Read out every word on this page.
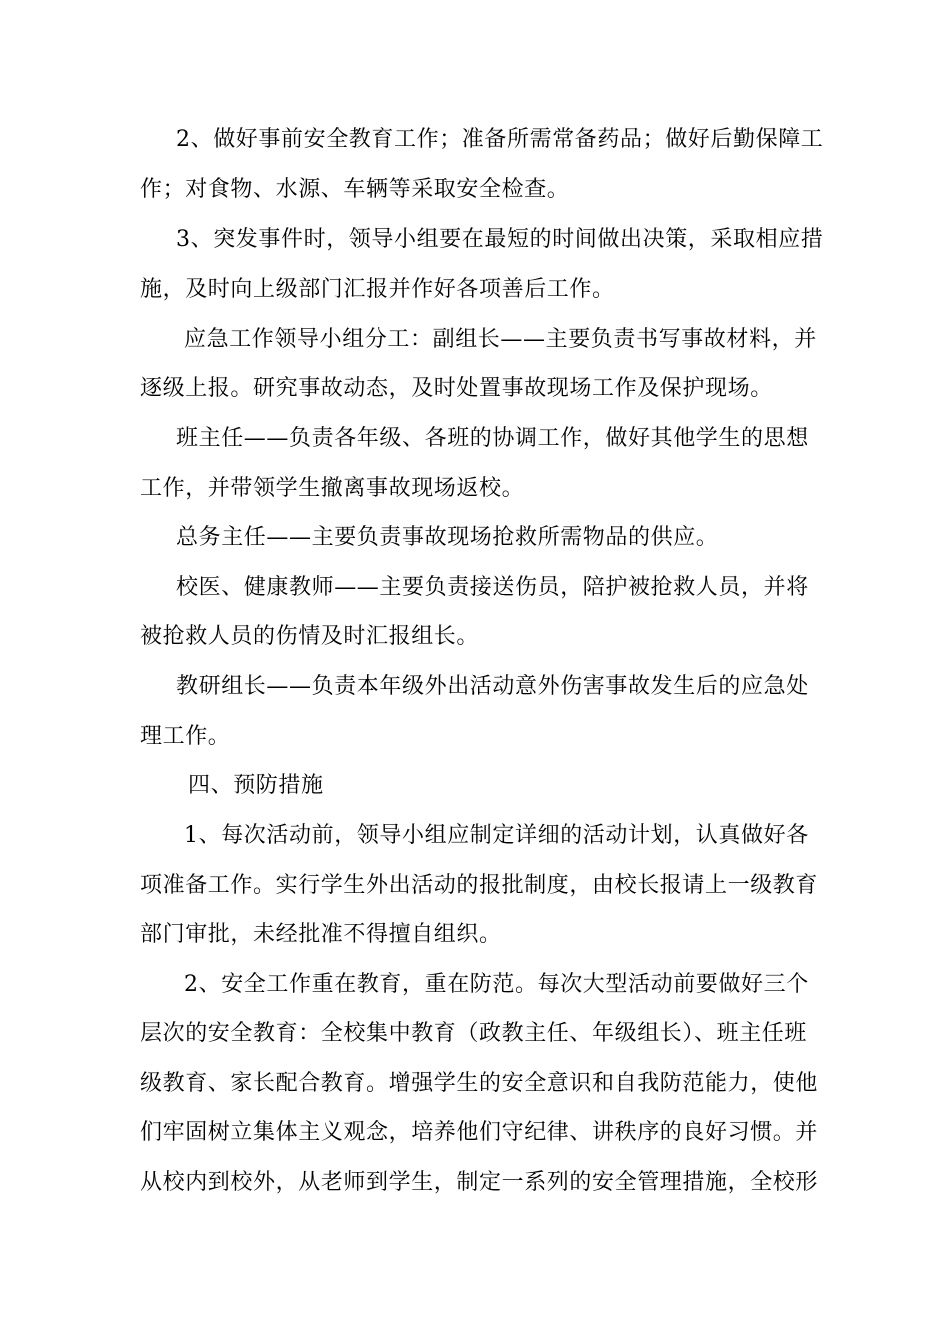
2、做好事前安全教育工作；准备所需常备药品；做好后勤保障工
作；对食物、水源、车辆等采取安全检查。
3、突发事件时，领导小组要在最短的时间做出决策，采取相应措
施，及时向上级部门汇报并作好各项善后工作。
应急工作领导小组分工：副组长——主要负责书写事故材料，并
逐级上报。研究事故动态，及时处置事故现场工作及保护现场。
班主任——负责各年级、各班的协调工作，做好其他学生的思想
工作，并带领学生撤离事故现场返校。
总务主任——主要负责事故现场抢救所需物品的供应。
校医、健康教师——主要负责接送伤员，陪护被抢救人员，并将
被抢救人员的伤情及时汇报组长。
教研组长——负责本年级外出活动意外伤害事故发生后的应急处
理工作。
四、预防措施
1、每次活动前，领导小组应制定详细的活动计划，认真做好各
项准备工作。实行学生外出活动的报批制度，由校长报请上一级教育
部门审批，未经批准不得擅自组织。
2、安全工作重在教育，重在防范。每次大型活动前要做好三个
层次的安全教育：全校集中教育（政教主任、年级组长）、班主任班
级教育、家长配合教育。增强学生的安全意识和自我防范能力，使他
们牢固树立集体主义观念，培养他们守纪律、讲秩序的良好习惯。并
从校内到校外，从老师到学生，制定一系列的安全管理措施，全校形
